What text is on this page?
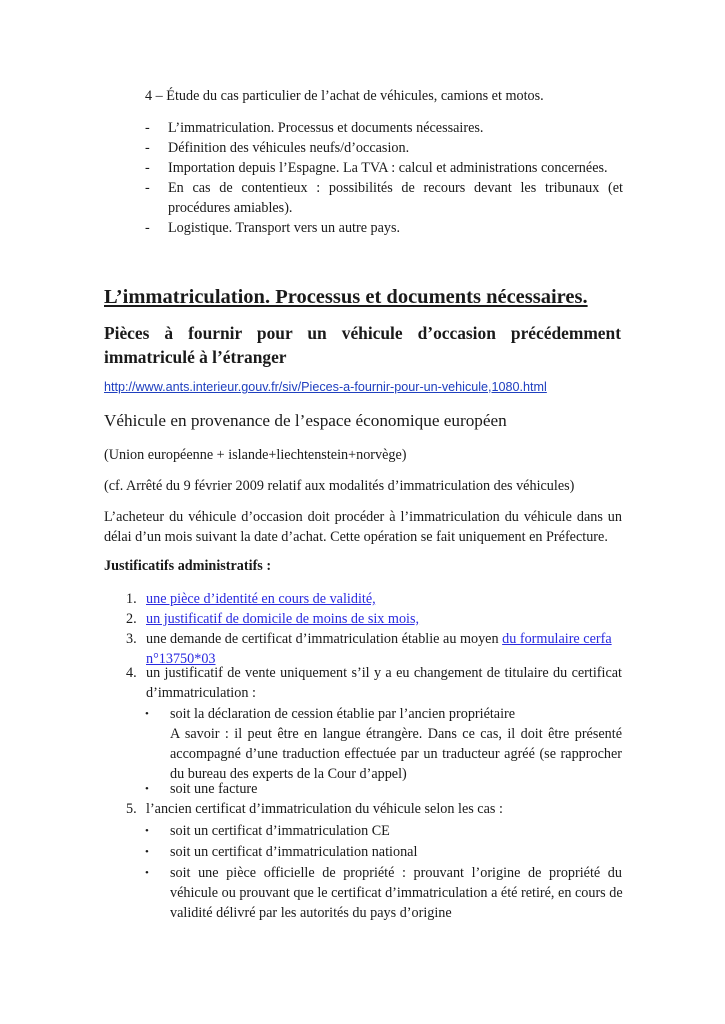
4 – Étude du cas particulier de l’achat de véhicules, camions et motos.
- L’immatriculation. Processus et documents nécessaires.
- Définition des véhicules neufs/d’occasion.
- Importation depuis l’Espagne. La TVA : calcul et administrations concernées.
- En cas de contentieux : possibilités de recours devant les tribunaux (et
procédures amiables).
- Logistique. Transport vers un autre pays.
L’immatriculation. Processus et documents nécessaires.
Pièces à fournir pour un véhicule d’occasion précédemment
immatriculé à l’étranger
http://www.ants.interieur.gouv.fr/siv/Pieces-a-fournir-pour-un-vehicule,1080.html
Véhicule en provenance de l’espace économique européen
(Union européenne + islande+liechtenstein+norvège)
(cf. Arrêté du 9 février 2009 relatif aux modalités d’immatriculation des véhicules)
L’acheteur du véhicule d’occasion doit procéder à l’immatriculation du véhicule dans un
délai d’un mois suivant la date d’achat. Cette opération se fait uniquement en Préfecture.
Justificatifs administratifs :
1. une pièce d’identité en cours de validité,
2. un justificatif de domicile de moins de six mois,
3. une demande de certificat d’immatriculation établie au moyen du formulaire cerfa
n°13750*03
4. un justificatif de vente uniquement s’il y a eu changement de titulaire du certificat
d’immatriculation :
• soit la déclaration de cession établie par l’ancien propriétaire
A savoir : il peut être en langue étrangère. Dans ce cas, il doit être présenté
accompagné d’une traduction effectuée par un traducteur agréé (se rapprocher
du bureau des experts de la Cour d’appel)
• soit une facture
5. l’ancien certificat d’immatriculation du véhicule selon les cas :
• soit un certificat d’immatriculation CE
• soit un certificat d’immatriculation national
• soit une pièce officielle de propriété : prouvant l’origine de propriété du
véhicule ou prouvant que le certificat d’immatriculation a été retiré, en cours de
validité délivré par les autorités du pays d’origine
